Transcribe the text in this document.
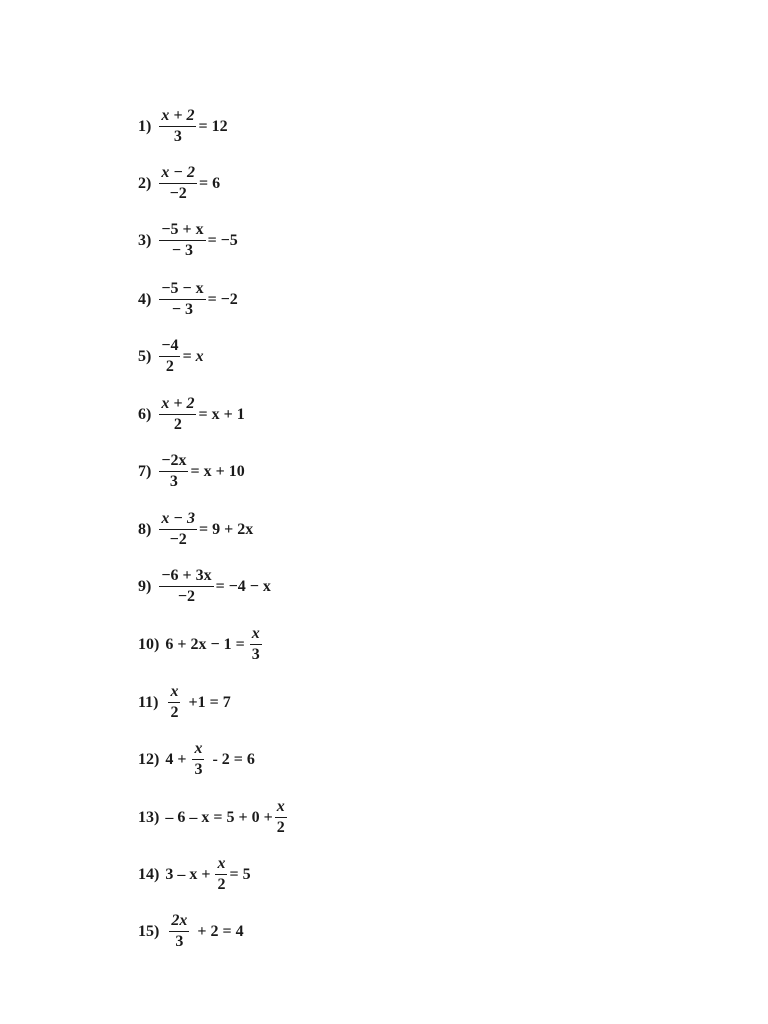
$1) \frac{x + 2}{3} = 12$
$2) \frac{x - 2}{-2} = 6$
$3) \frac{-5 + x}{- 3} = -5$
$4) \frac{-5 - x}{- 3} = -2$
$5) \frac{-4}{2} = x$
$6) \frac{x + 2}{2} = x + 1$
$7) \frac{-2x}{3} = x + 10$
$8) \frac{x - 3}{-2} = 9 + 2x$
$9) \frac{-6 + 3x}{-2} = -4 - x$
10) $6 + 2x - 1 = \frac{x}{3}$
$11) \frac{x}{2} +1 = 7$
12) $4 + \frac{x}{3} - 2 = 6$
$13) - 6 - x = 5 + 0 + \frac{x}{2}$
14) $3 - x + \frac{x}{2} = 5$
$15) \frac{2x}{3} + 2 = 4$
